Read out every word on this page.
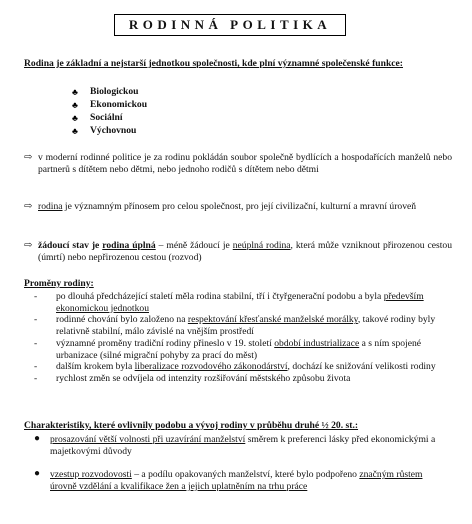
RODINNÁ POLITIKA
Rodina je základní a nejstarší jednotkou společnosti, kde plní významné společenské funkce:
♣	Biologickou
♣	Ekonomickou
♣	Sociální
♣	Výchovnou
⇨ v moderní rodinné politice je za rodinu pokládán soubor společně bydlících a hospodařících manželů nebo partnerů s dítětem nebo dětmi, nebo jednoho rodičů s dítětem nebo dětmi
⇨ rodina je významným přínosem pro celou společnost, pro její civilizační, kulturní a mravní úroveň
⇨ žádoucí stav je rodina úplná – méně žádoucí je neúplná rodina, která může vzniknout přirozenou cestou (úmrtí) nebo nepřirozenou cestou (rozvod)
Proměny rodiny:
-	po dlouhá předcházející staletí měla rodina stabilní, tří i čtyřgenerační podobu a byla především ekonomickou jednotkou
-	rodinné chování bylo založeno na respektování křesťanské manželské morálky, takové rodiny byly relativně stabilní, málo závislé na vnějším prostředí
-	významné proměny tradiční rodiny přineslo v 19. století období industrializace a s ním spojené urbanizace (silné migrační pohyby za prací do měst)
-	dalším krokem byla liberalizace rozvodového zákonodárství, dochází ke snižování velikosti rodiny
-	rychlost změn se odvíjela od intenzity rozšiřování městského způsobu života
Charakteristiky, které ovlivnily podobu a vývoj rodiny v průběhu druhé ½ 20. st.:
●	prosazování větší volnosti při uzavírání manželství směrem k preferenci lásky před ekonomickými a majetkovými důvody
●	vzestup rozvodovosti – a podílu opakovaných manželství, které bylo podpořeno značným růstem úrovně vzdělání a kvalifikace žen a jejich uplatněním na trhu práce
